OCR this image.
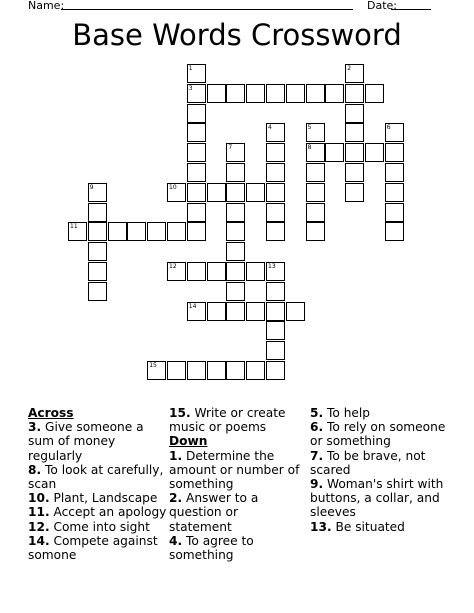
Name:	Date:
Base Words Crossword
1	2
3
4	5	6
7	8
9	10
11
12	13
14
15
Across
3. Give someone a sum of money regularly
8. To look at carefully, scan
10. Plant, Landscape
11. Accept an apology
12. Come into sight
14. Compete against somone
15. Write or create music or poems
Down
1. Determine the amount or number of something
2. Answer to a question or statement
4. To agree to something
5. To help
6. To rely on someone or something
7. To be brave, not scared
9. Woman's shirt with buttons, a collar, and sleeves
13. Be situated
